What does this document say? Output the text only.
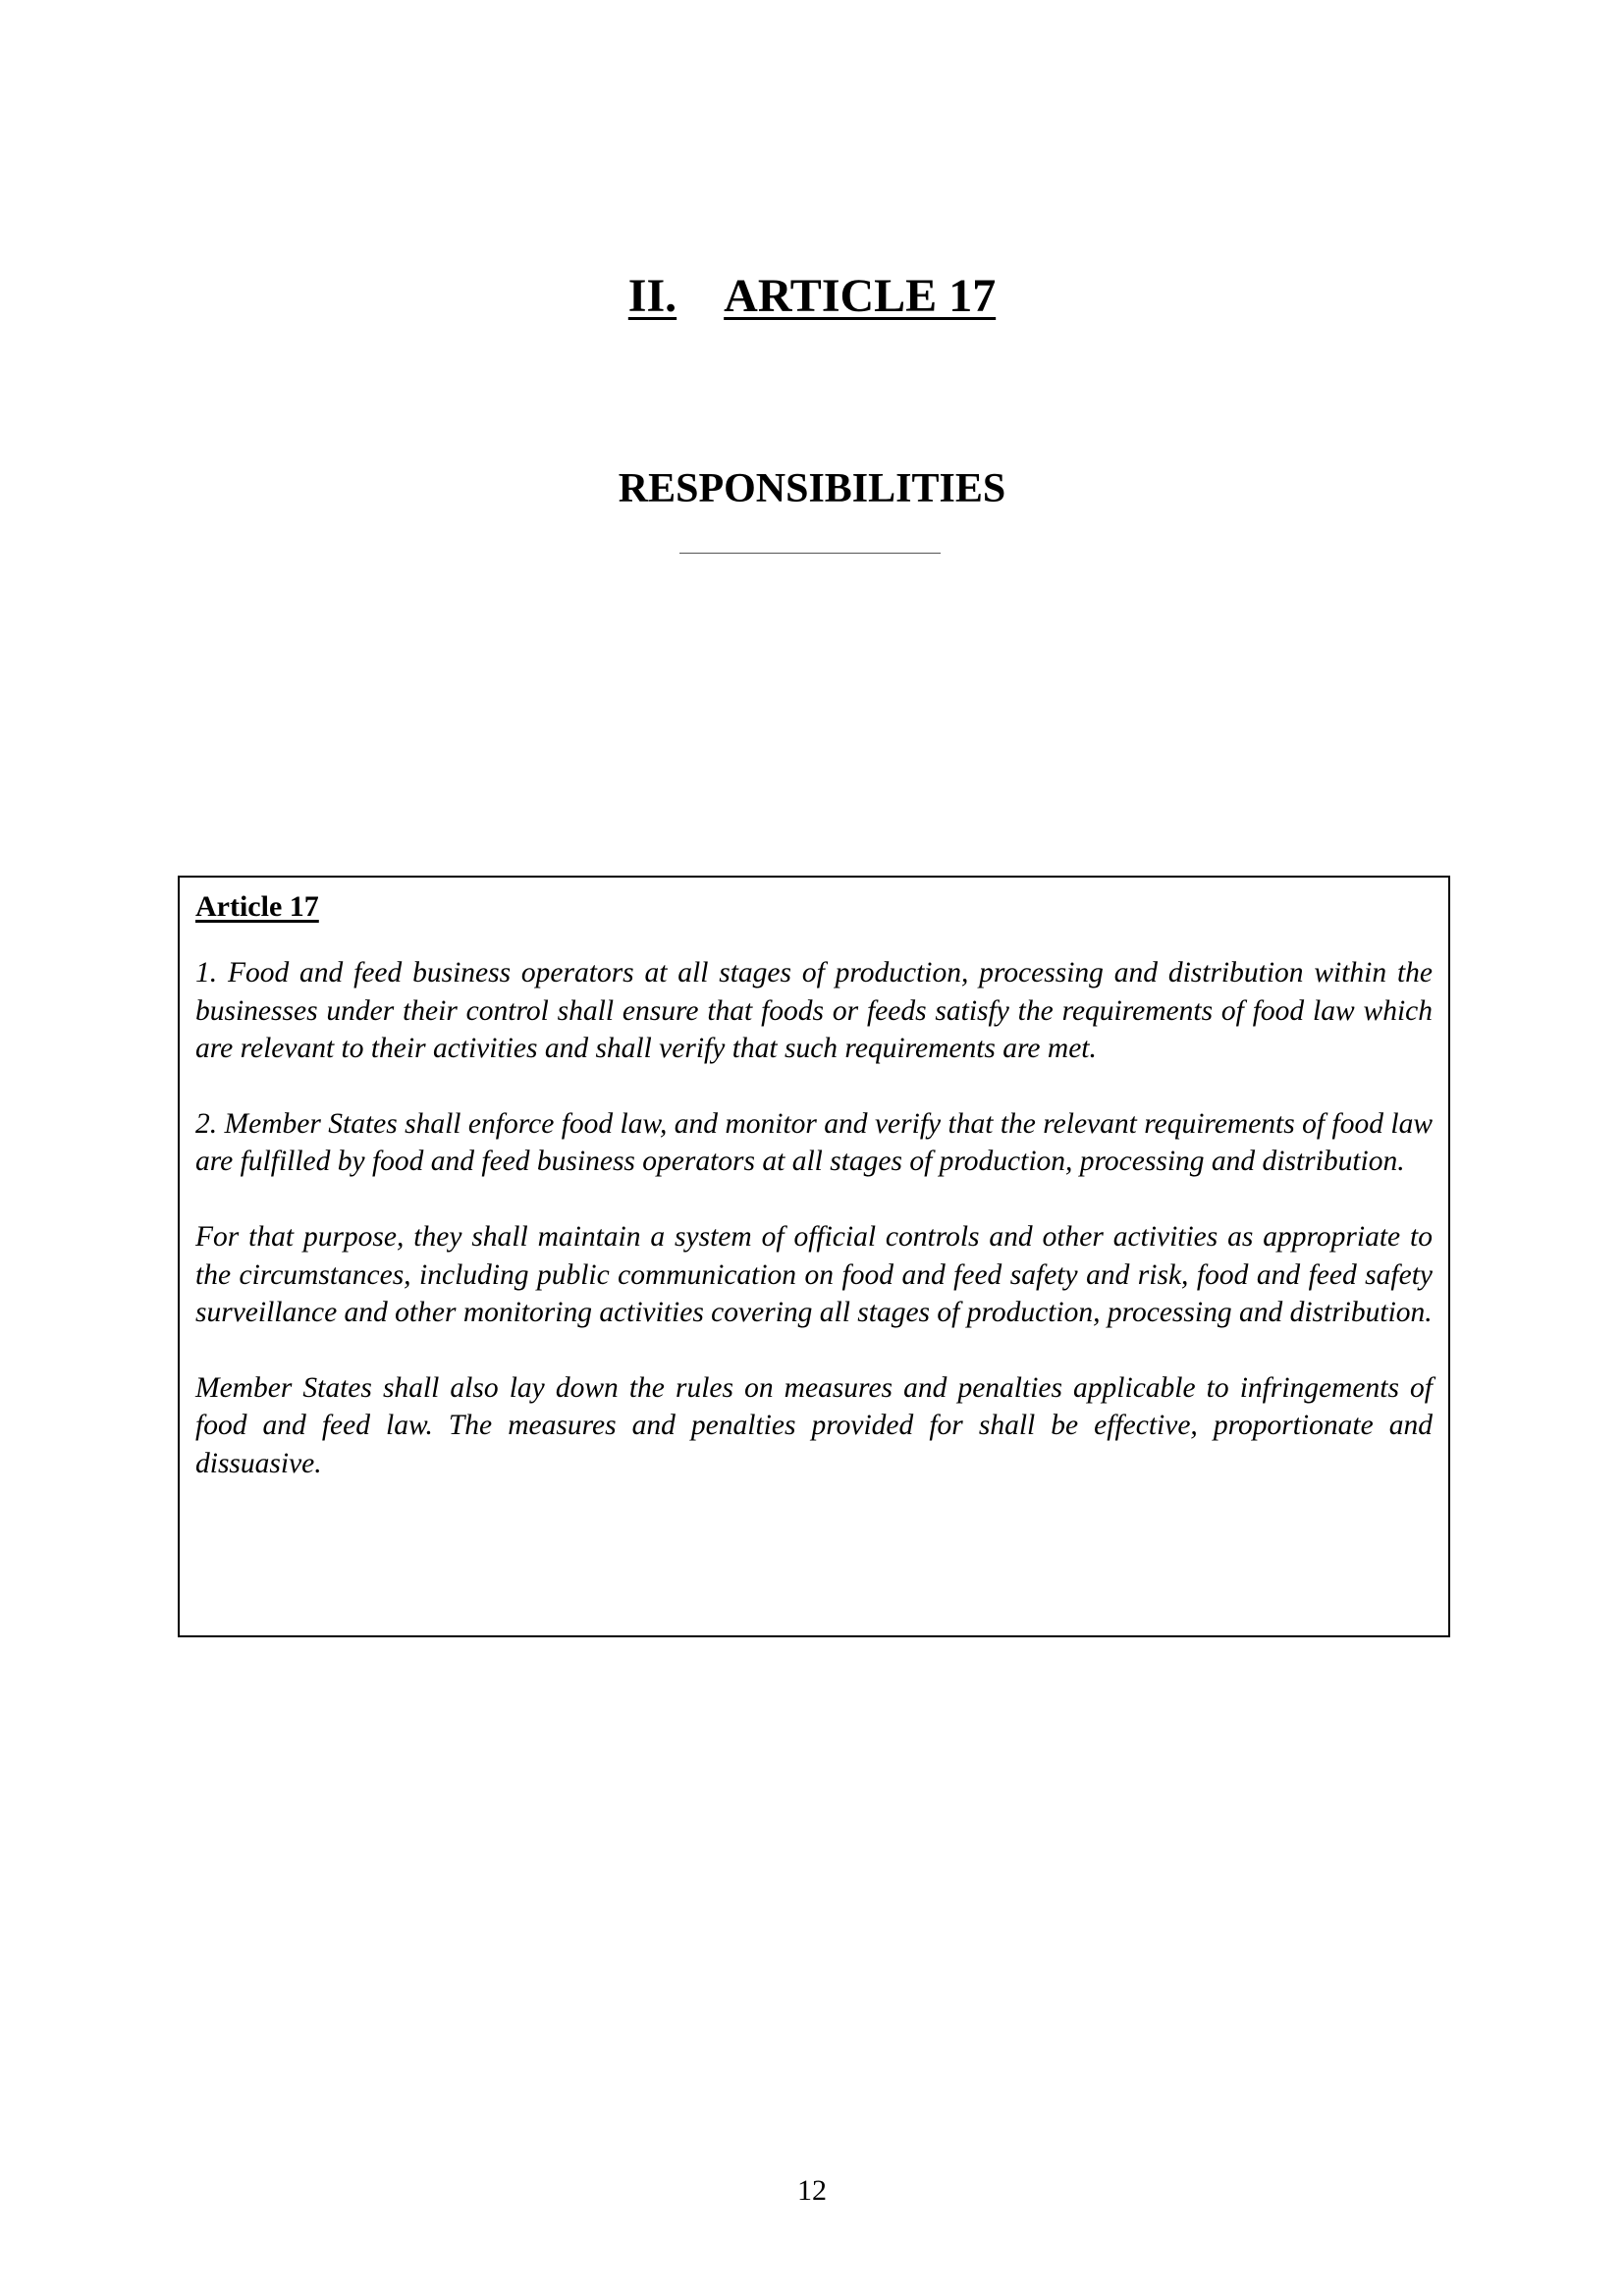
II. ARTICLE 17
RESPONSIBILITIES

Article 17

1. Food and feed business operators at all stages of production, processing and distribution within the businesses under their control shall ensure that foods or feeds satisfy the requirements of food law which are relevant to their activities and shall verify that such requirements are met.

2. Member States shall enforce food law, and monitor and verify that the relevant requirements of food law are fulfilled by food and feed business operators at all stages of production, processing and distribution.

For that purpose, they shall maintain a system of official controls and other activities as appropriate to the circumstances, including public communication on food and feed safety and risk, food and feed safety surveillance and other monitoring activities covering all stages of production, processing and distribution.

Member States shall also lay down the rules on measures and penalties applicable to infringements of food and feed law. The measures and penalties provided for shall be effective, proportionate and dissuasive.

12
